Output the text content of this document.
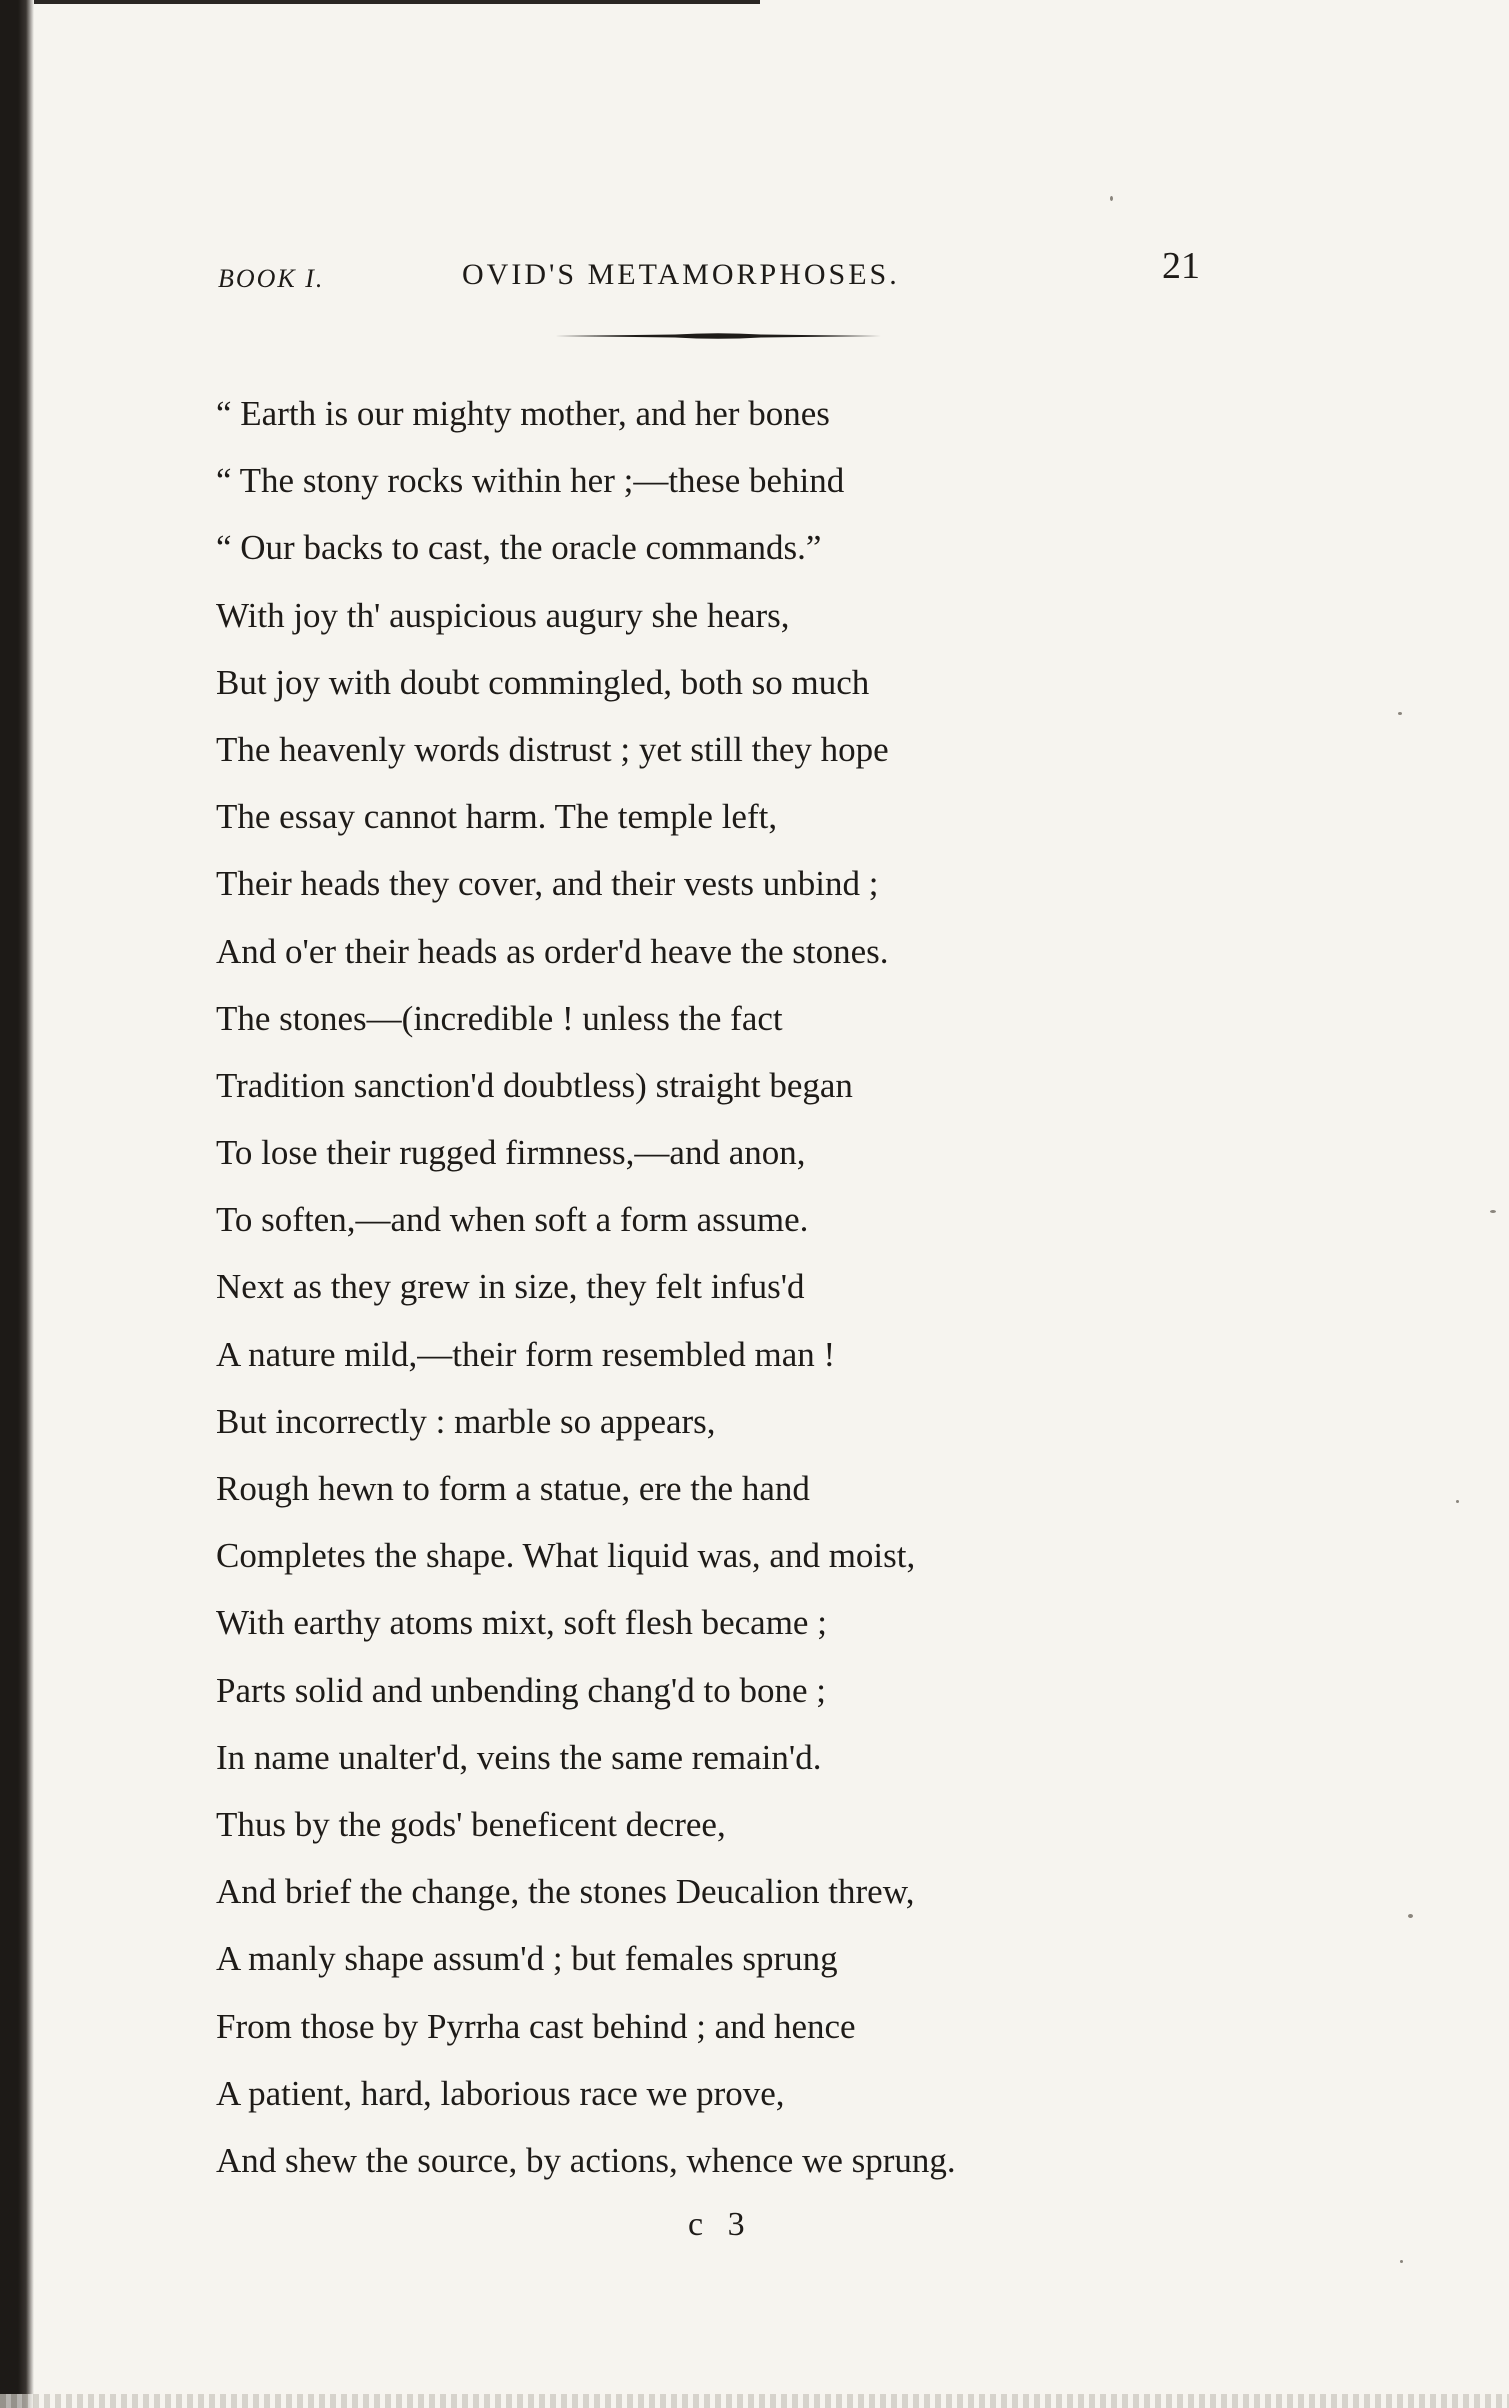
BOOK I.	OVID'S METAMORPHOSES.	21
“ Earth is our mighty mother, and her bones
“ The stony rocks within her ;—these behind
“ Our backs to cast, the oracle commands.”
With joy th' auspicious augury she hears,
But joy with doubt commingled, both so much
The heavenly words distrust ; yet still they hope
The essay cannot harm. The temple left,
Their heads they cover, and their vests unbind ;
And o'er their heads as order'd heave the stones.
The stones—(incredible ! unless the fact
Tradition sanction'd doubtless) straight began
To lose their rugged firmness,—and anon,
To soften,—and when soft a form assume.
Next as they grew in size, they felt infus'd
A nature mild,—their form resembled man !
But incorrectly : marble so appears,
Rough hewn to form a statue, ere the hand
Completes the shape. What liquid was, and moist,
With earthy atoms mixt, soft flesh became ;
Parts solid and unbending chang'd to bone ;
In name unalter'd, veins the same remain'd.
Thus by the gods' beneficent decree,
And brief the change, the stones Deucalion threw,
A manly shape assum'd ; but females sprung
From those by Pyrrha cast behind ; and hence
A patient, hard, laborious race we prove,
And shew the source, by actions, whence we sprung.
c 3
